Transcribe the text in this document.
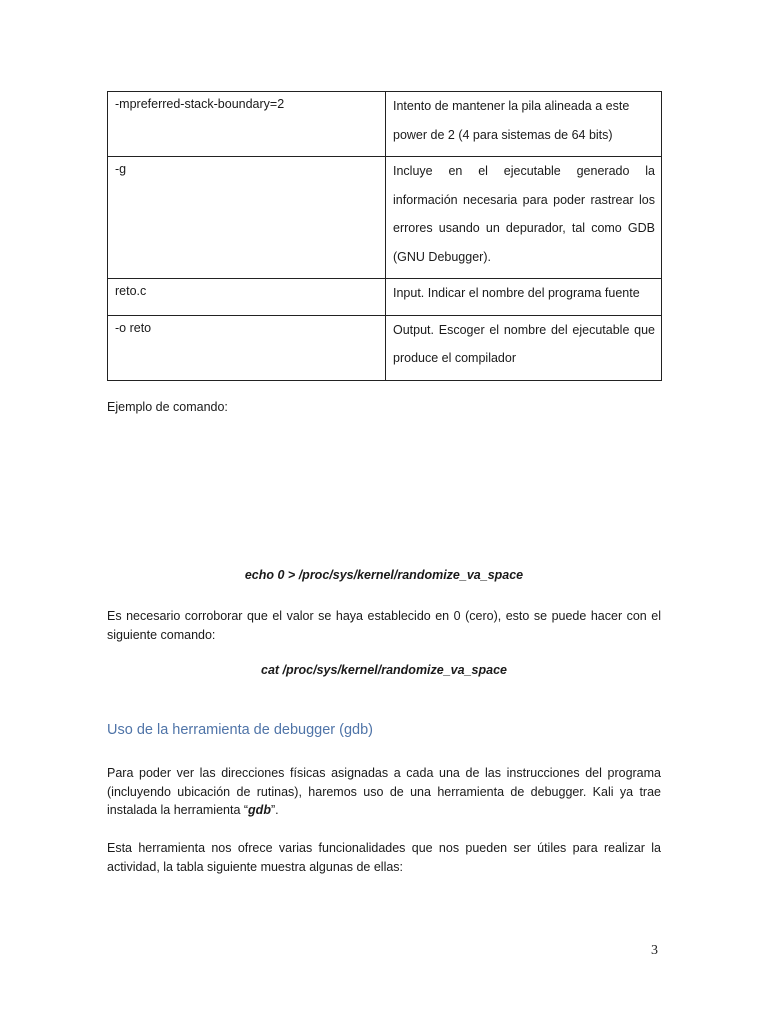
-mpreferred-stack-boundary=2	Intento de mantener la pila alineada a este power de 2 (4 para sistemas de 64 bits)
-g	Incluye en el ejecutable generado la información necesaria para poder rastrear los errores usando un depurador, tal como GDB (GNU Debugger).
reto.c	Input. Indicar el nombre del programa fuente
-o reto	Output. Escoger el nombre del ejecutable que produce el compilador

Ejemplo de comando:

echo 0 > /proc/sys/kernel/randomize_va_space

Es necesario corroborar que el valor se haya establecido en 0 (cero), esto se puede hacer con el siguiente comando:

cat /proc/sys/kernel/randomize_va_space

Uso de la herramienta de debugger (gdb)

Para poder ver las direcciones físicas asignadas a cada una de las instrucciones del programa (incluyendo ubicación de rutinas), haremos uso de una herramienta de debugger. Kali ya trae instalada la herramienta “gdb”.

Esta herramienta nos ofrece varias funcionalidades que nos pueden ser útiles para realizar la actividad, la tabla siguiente muestra algunas de ellas:

3
